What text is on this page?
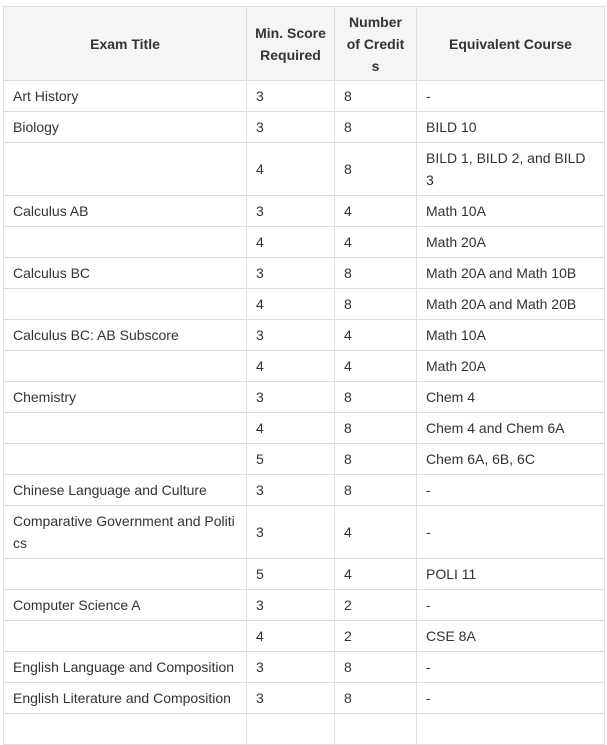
Exam Title	Min. Score Required	Number of Credits	Equivalent Course
Art History	3	8	-
Biology	3	8	BILD 10
	4	8	BILD 1, BILD 2, and BILD 3
Calculus AB	3	4	Math 10A
	4	4	Math 20A
Calculus BC	3	8	Math 20A and Math 10B
	4	8	Math 20A and Math 20B
Calculus BC: AB Subscore	3	4	Math 10A
	4	4	Math 20A
Chemistry	3	8	Chem 4
	4	8	Chem 4 and Chem 6A
	5	8	Chem 6A, 6B, 6C
Chinese Language and Culture	3	8	-
Comparative Government and Politics	3	4	-
	5	4	POLI 11
Computer Science A	3	2	-
	4	2	CSE 8A
English Language and Composition	3	8	-
English Literature and Composition	3	8	-
